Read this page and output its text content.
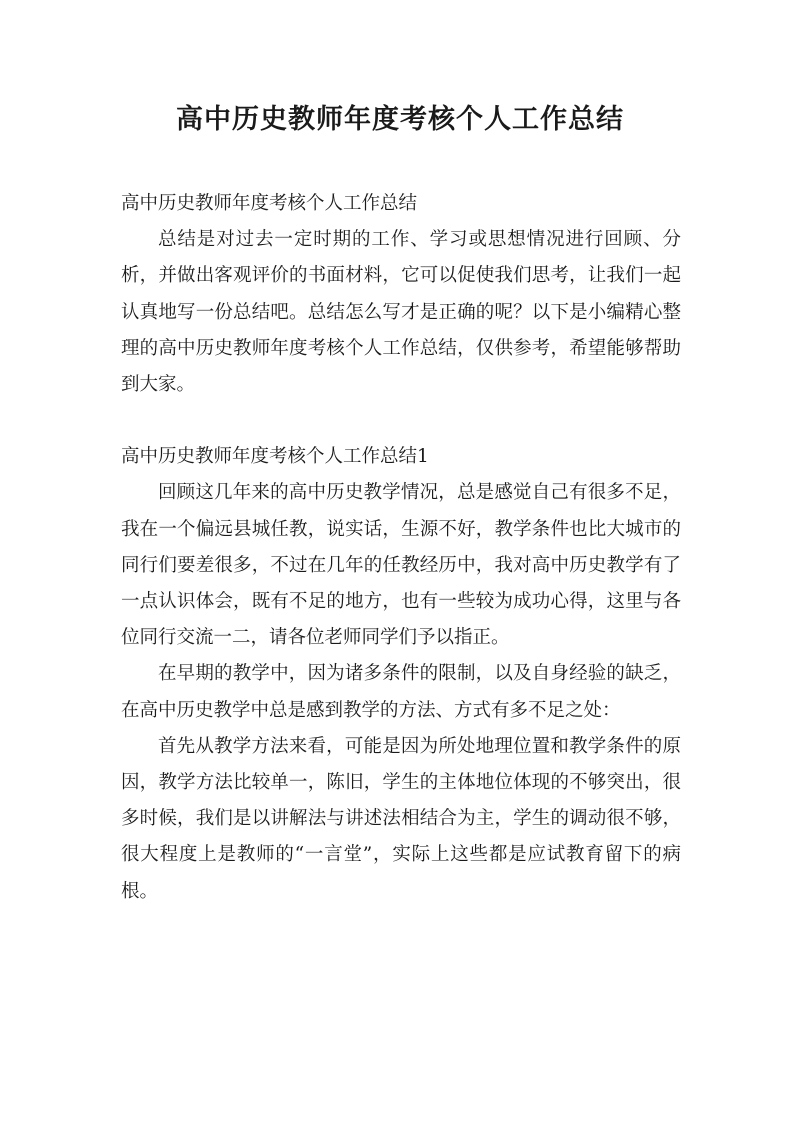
高中历史教师年度考核个人工作总结

高中历史教师年度考核个人工作总结

总结是对过去一定时期的工作、学习或思想情况进行回顾、分析，并做出客观评价的书面材料，它可以促使我们思考，让我们一起认真地写一份总结吧。总结怎么写才是正确的呢？以下是小编精心整理的高中历史教师年度考核个人工作总结，仅供参考，希望能够帮助到大家。

高中历史教师年度考核个人工作总结1

回顾这几年来的高中历史教学情况，总是感觉自己有很多不足，我在一个偏远县城任教，说实话，生源不好，教学条件也比大城市的同行们要差很多，不过在几年的任教经历中，我对高中历史教学有了一点认识体会，既有不足的地方，也有一些较为成功心得，这里与各位同行交流一二，请各位老师同学们予以指正。

在早期的教学中，因为诸多条件的限制，以及自身经验的缺乏，在高中历史教学中总是感到教学的方法、方式有多不足之处：

首先从教学方法来看，可能是因为所处地理位置和教学条件的原因，教学方法比较单一，陈旧，学生的主体地位体现的不够突出，很多时候，我们是以讲解法与讲述法相结合为主，学生的调动很不够，很大程度上是教师的“一言堂”，实际上这些都是应试教育留下的病根。
